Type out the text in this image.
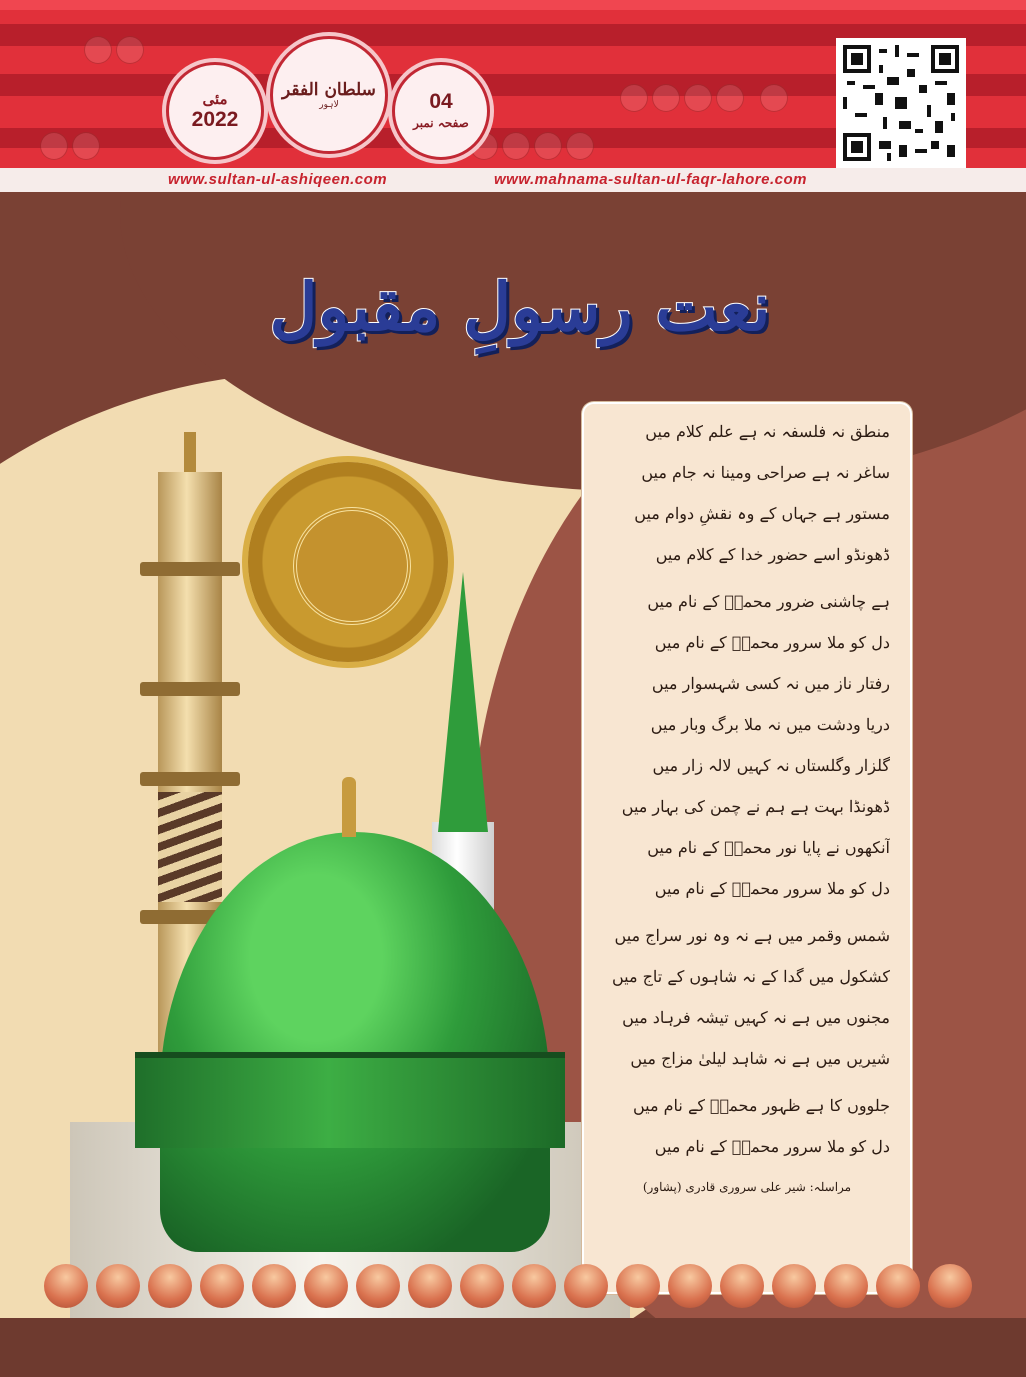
مئی
2022
سلطان الفقر
لاہور	04
صفحہ نمبر
www.sultan-ul-ashiqeen.com	www.mahnama-sultan-ul-faqr-lahore.com
نعت رسولِ مقبول
منطق نہ فلسفہ نہ ہے علم کلام میں
ساغر نہ ہے صراحی ومینا نہ جام میں
مستور ہے جہاں کے وہ نقشِ دوام میں
ڈھونڈو اسے حضور خدا کے کلام میں
ہے چاشنی ضرور محمدؐ کے نام میں
دل کو ملا سرور محمدؐ کے نام میں
رفتار ناز میں نہ کسی شہسوار میں
دریا ودشت میں نہ ملا برگ وبار میں
گلزار وگلستاں نہ کہیں لالہ زار میں
ڈھونڈا بہت ہے ہم نے چمن کی بہار میں
آنکھوں نے پایا نور محمدؐ کے نام میں
دل کو ملا سرور محمدؐ کے نام میں
شمس وقمر میں ہے نہ وہ نور سراج میں
کشکول میں گدا کے نہ شاہوں کے تاج میں
مجنوں میں ہے نہ کہیں تیشہ فرہاد میں
شیریں میں ہے نہ شاہد لیلیٰ مزاج میں
جلووں کا ہے ظہور محمدؐ کے نام میں
دل کو ملا سرور محمدؐ کے نام میں
مراسلہ: شیر علی سروری قادری (پشاور)
